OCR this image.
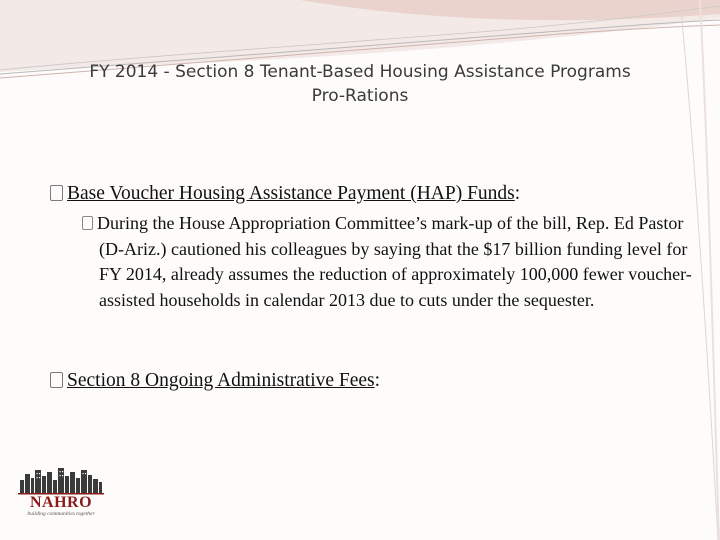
FY 2014 - Section 8 Tenant-Based Housing Assistance Programs
Pro-Rations
Base Voucher Housing Assistance Payment (HAP) Funds:
During the House Appropriation Committee’s mark-up of the bill, Rep. Ed Pastor (D-Ariz.) cautioned his colleagues by saying that the $17 billion funding level for FY 2014, already assumes the reduction of approximately 100,000 fewer voucher-assisted households in calendar 2013 due to cuts under the sequester.
Section 8 Ongoing Administrative Fees:
NAHRO
building communities together
